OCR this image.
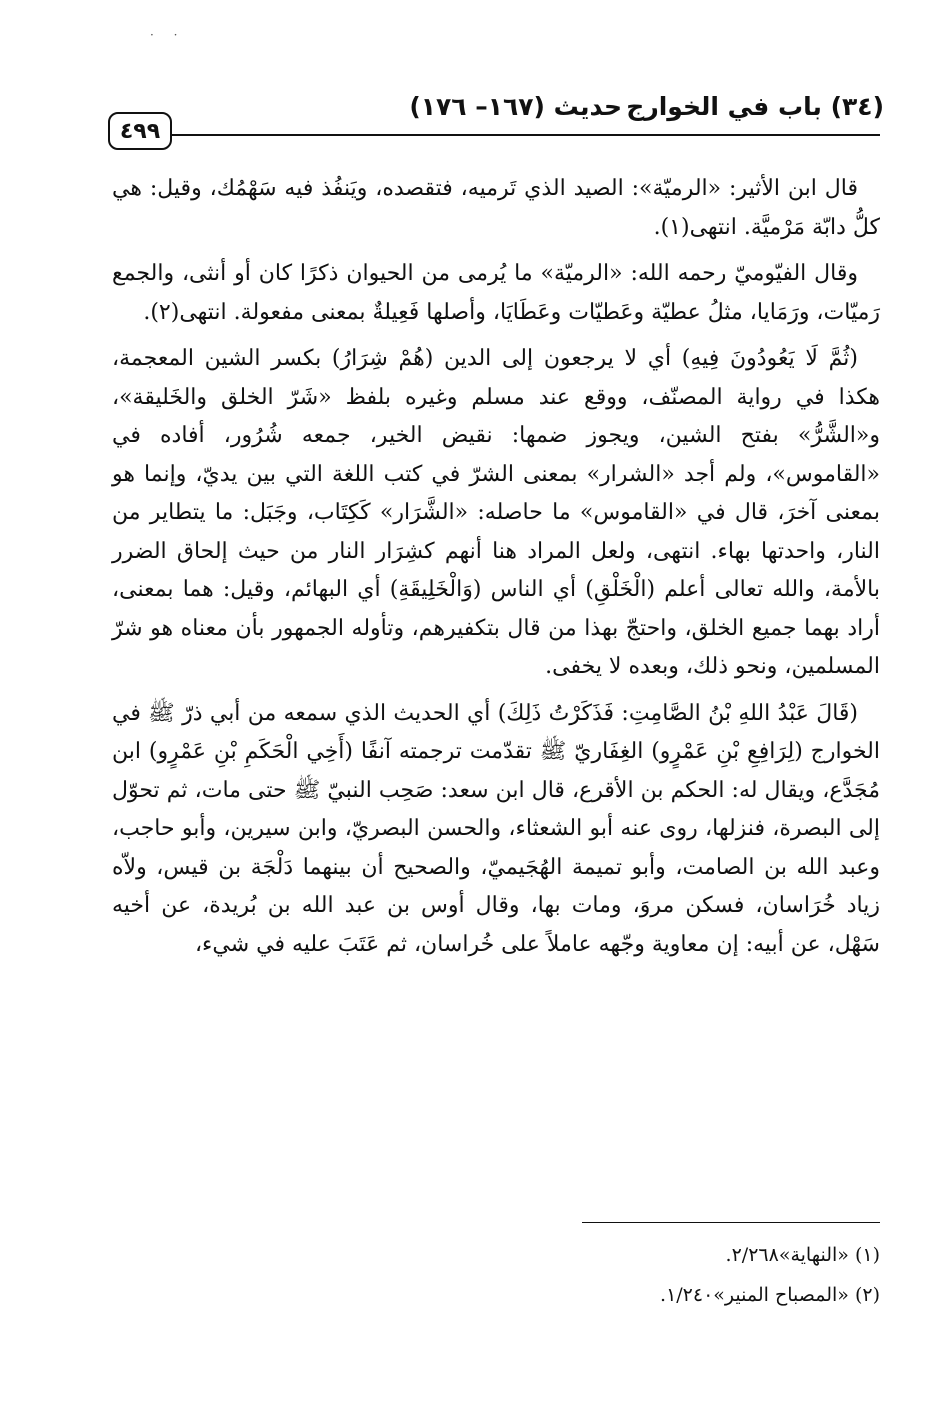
· ·
(٣٤) باب في الخوارج
حديث (١٦٧– ١٧٦)
٤٩٩

قال ابن الأثير: «الرميّة»: الصيد الذي تَرميه، فتقصده، ويَنفُذ فيه سَهْمُك، وقيل: هي كلُّ دابّة مَرْميَّة. انتهى(١).

وقال الفيّوميّ رحمه الله: «الرميّة» ما يُرمى من الحيوان ذكرًا كان أو أنثى، والجمع رَميّات، ورَمَايا، مثلُ عطيّة وعَطيّات وعَطَايَا، وأصلها فَعِيلةٌ بمعنى مفعولة. انتهى(٢).

(ثُمَّ لَا يَعُودُونَ فِيهِ) أي لا يرجعون إلى الدين (هُمْ شِرَارُ) بكسر الشين المعجمة، هكذا في رواية المصنّف، ووقع عند مسلم وغيره بلفظ «شَرّ الخلق والخَليقة»، و«الشَّرُّ» بفتح الشين، ويجوز ضمها: نقيض الخير، جمعه شُرُور، أفاده في «القاموس»، ولم أجد «الشرار» بمعنى الشرّ في كتب اللغة التي بين يديّ، وإنما هو بمعنى آخرَ، قال في «القاموس» ما حاصله: «الشَّرَار» كَكِتَاب، وجَبَل: ما يتطاير من النار، واحدتها بهاء. انتهى، ولعل المراد هنا أنهم كشِرَار النار من حيث إلحاق الضرر بالأمة، والله تعالى أعلم (الْخَلْقِ) أي الناس (وَالْخَلِيقَةِ) أي البهائم، وقيل: هما بمعنى، أراد بهما جميع الخلق، واحتجّ بهذا من قال بتكفيرهم، وتأوله الجمهور بأن معناه هو شرّ المسلمين، ونحو ذلك، وبعده لا يخفى.

(قَالَ عَبْدُ اللهِ بْنُ الصَّامِتِ: فَذَكَرْتُ ذَلِكَ) أي الحديث الذي سمعه من أبي ذرّ ﷺ في الخوارج (لِرَافِعِ بْنِ عَمْرٍو) الغِفَاريّ ﷺ تقدّمت ترجمته آنفًا (أَخِي الْحَكَمِ بْنِ عَمْرٍو) ابن مُجَدَّع، ويقال له: الحكم بن الأقرع، قال ابن سعد: صَحِب النبيّ ﷺ حتى مات، ثم تحوّل إلى البصرة، فنزلها، روى عنه أبو الشعثاء، والحسن البصريّ، وابن سيرين، وأبو حاجب، وعبد الله بن الصامت، وأبو تميمة الهُجَيميّ، والصحيح أن بينهما دَلْجَة بن قيس، ولاّه زياد خُرَاسان، فسكن مروَ، ومات بها، وقال أوس بن عبد الله بن بُريدة، عن أخيه سَهْل، عن أبيه: إن معاوية وجّهه عاملاً على خُراسان، ثم عَتَبَ عليه في شيء،

(١) «النهاية»٢/٢٦٨.
(٢) «المصباح المنير»١/٢٤٠.
